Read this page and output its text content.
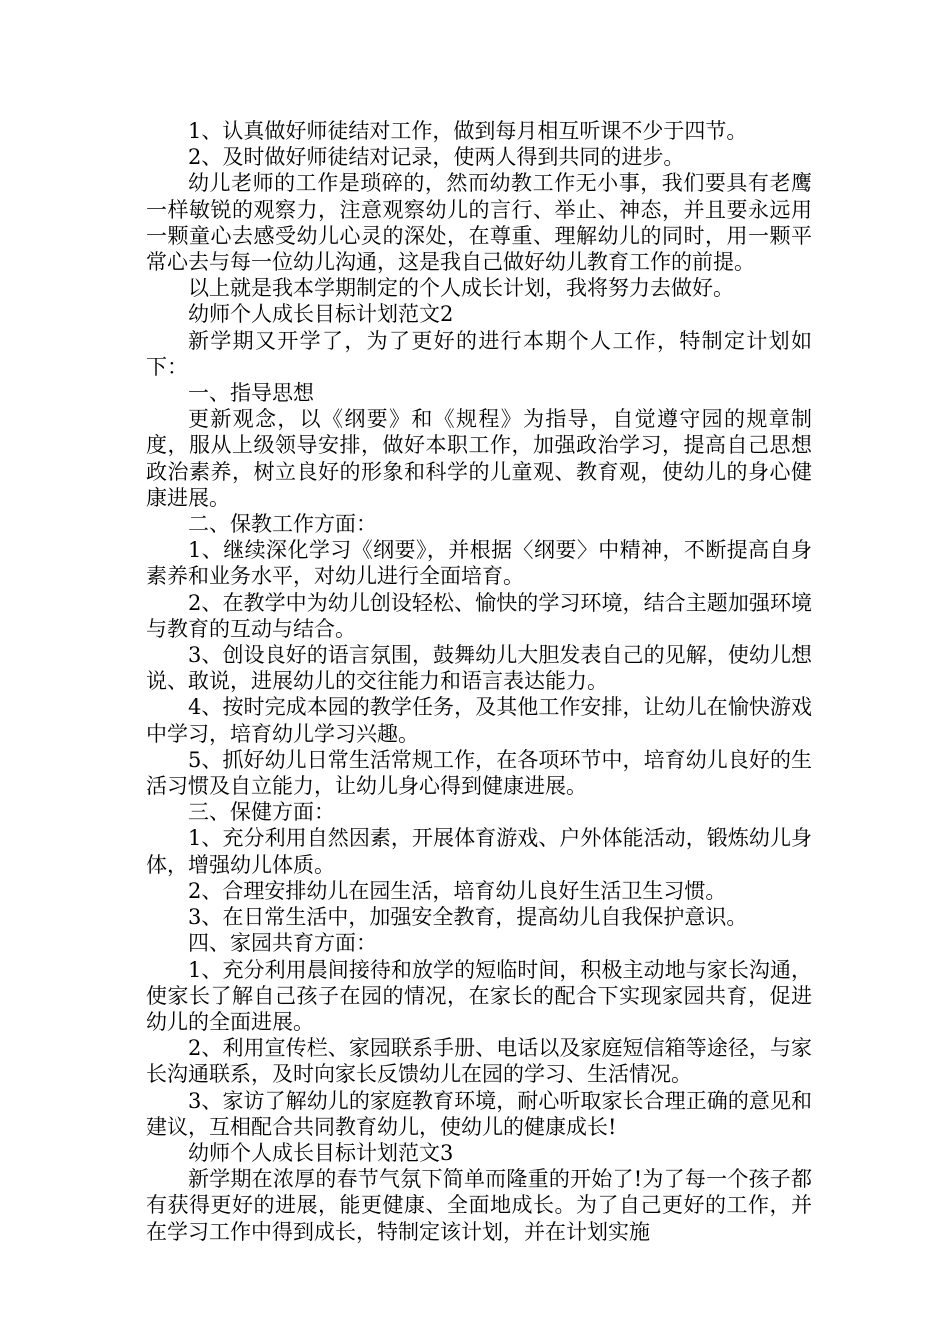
1、认真做好师徒结对工作，做到每月相互听课不少于四节。

2、及时做好师徒结对记录，使两人得到共同的进步。

幼儿老师的工作是琐碎的，然而幼教工作无小事，我们要具有老鹰一样敏锐的观察力，注意观察幼儿的言行、举止、神态，并且要永远用一颗童心去感受幼儿心灵的深处，在尊重、理解幼儿的同时，用一颗平常心去与每一位幼儿沟通，这是我自己做好幼儿教育工作的前提。

以上就是我本学期制定的个人成长计划，我将努力去做好。

幼师个人成长目标计划范文2

新学期又开学了，为了更好的进行本期个人工作，特制定计划如下：

一、指导思想

更新观念，以《纲要》和《规程》为指导，自觉遵守园的规章制度，服从上级领导安排，做好本职工作，加强政治学习，提高自己思想政治素养，树立良好的形象和科学的儿童观、教育观，使幼儿的身心健康进展。

二、保教工作方面：

1、继续深化学习《纲要》，并根据〈纲要〉中精神，不断提高自身素养和业务水平，对幼儿进行全面培育。

2、在教学中为幼儿创设轻松、愉快的学习环境，结合主题加强环境与教育的互动与结合。

3、创设良好的语言氛围，鼓舞幼儿大胆发表自己的见解，使幼儿想说、敢说，进展幼儿的交往能力和语言表达能力。

4、按时完成本园的教学任务，及其他工作安排，让幼儿在愉快游戏中学习，培育幼儿学习兴趣。

5、抓好幼儿日常生活常规工作，在各项环节中，培育幼儿良好的生活习惯及自立能力，让幼儿身心得到健康进展。

三、保健方面：

1、充分利用自然因素，开展体育游戏、户外体能活动，锻炼幼儿身体，增强幼儿体质。

2、合理安排幼儿在园生活，培育幼儿良好生活卫生习惯。

3、在日常生活中，加强安全教育，提高幼儿自我保护意识。

四、家园共育方面：

1、充分利用晨间接待和放学的短临时间，积极主动地与家长沟通，使家长了解自己孩子在园的情况，在家长的配合下实现家园共育，促进幼儿的全面进展。

2、利用宣传栏、家园联系手册、电话以及家庭短信箱等途径，与家长沟通联系，及时向家长反馈幼儿在园的学习、生活情况。

3、家访了解幼儿的家庭教育环境，耐心听取家长合理正确的意见和建议，互相配合共同教育幼儿，使幼儿的健康成长!

幼师个人成长目标计划范文3

新学期在浓厚的春节气氛下简单而隆重的开始了!为了每一个孩子都有获得更好的进展，能更健康、全面地成长。为了自己更好的工作，并在学习工作中得到成长，特制定该计划，并在计划实施
